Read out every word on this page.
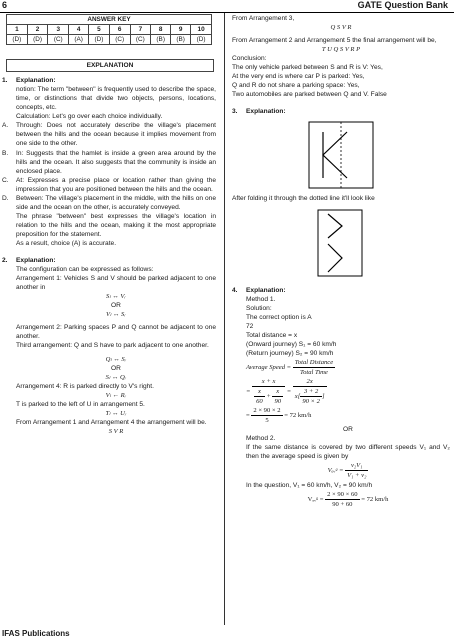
6	GATE Question Bank
ANSWER KEY									
1	2	3	4	5	6	7	8	9	10
(D)	(D)	(C)	(A)	(D)	(C)	(C)	(B)	(B)	(D)
EXPLANATION
1.	Explanation:
notion: The term "between" is frequently used to describe the space, time, or distinctions that divide two objects, persons, locations, concepts, etc.
Calculation: Let's go over each choice individually.
A.	Through: Does not accurately describe the village's placement between the hills and the ocean because it implies movement from one side to the other.
B.	In: Suggests that the hamlet is inside a green area around by the hills and the ocean. It also suggests that the community is inside an enclosed place.
C.	At: Expresses a precise place or location rather than giving the impression that you are positioned between the hills and the ocean.
D.	Between: The village's placement in the middle, with the hills on one side and the ocean on the other, is accurately conveyed.
The phrase "between" best expresses the village's location in relation to the hills and the ocean, making it the most appropriate preposition for the statement.
As a result, choice (A) is accurate.
2.	Explanation:
The configuration can be expressed as follows:
Arrangement 1: Vehicles S and V should be parked adjacent to one another in
Sₗ ↔ Vᵣ
OR
Vₗ ↔ Sᵣ
Arrangement 2: Parking spaces P and Q cannot be adjacent to one another.
Third arrangement: Q and S have to park adjacent to one another.
Qₗ ↔ Sᵣ
OR
Sₗ ↔ Qᵣ
Arrangement 4: R is parked directly to V's right.
Vₗ ← Rᵣ
T is parked to the left of U in arrangement 5.
Tₗ ↔ Uᵣ
From Arrangement 1 and Arrangement 4 the arrangement will be.
S V R
From Arrangement 3,
Q S V R
From Arrangement 2 and Arrangement 5 the final arrangement will be,
T U Q S V R P
Conclusion:
The only vehicle parked between S and R is V: Yes,
At the very end is where car P is parked: Yes,
Q and R do not share a parking space: Yes,
Two automobiles are parked between Q and V. False
3.	Explanation:
After folding it through the dotted line it'll look like
4.	Explanation:
Method 1.
Solution:
The correct option is A
72
Total distance = x
(Onward journey) S₁ = 60 km/h
(Return journey) S₂ = 90 km/h
Average Speed = $\frac{\text{Total Distance}}{\text{Total Time}}$
= $\frac{x + x}{\frac{x}{60} + \frac{x}{90}} = \frac{2x}{x[ \frac{3 + 2}{90 \times 2} ]}$
= $\frac{2 \times 90 \times 2}{5} = 72$ km/h
OR
Method 2.
If the same distance is covered by two different speeds V₁ and V₂ then the average speed is given by
Vₐᵥᵍ = $\frac{\text{v₂V₁}}{\text{V₁ + v₂}}$
In the question, V₁ = 60 km/h, V₂ = 90 km/h
Vₐᵥᵍ = $\frac{2 \times 90 \times 60}{90 + 60} = 72$ km/h
IFAS Publications
